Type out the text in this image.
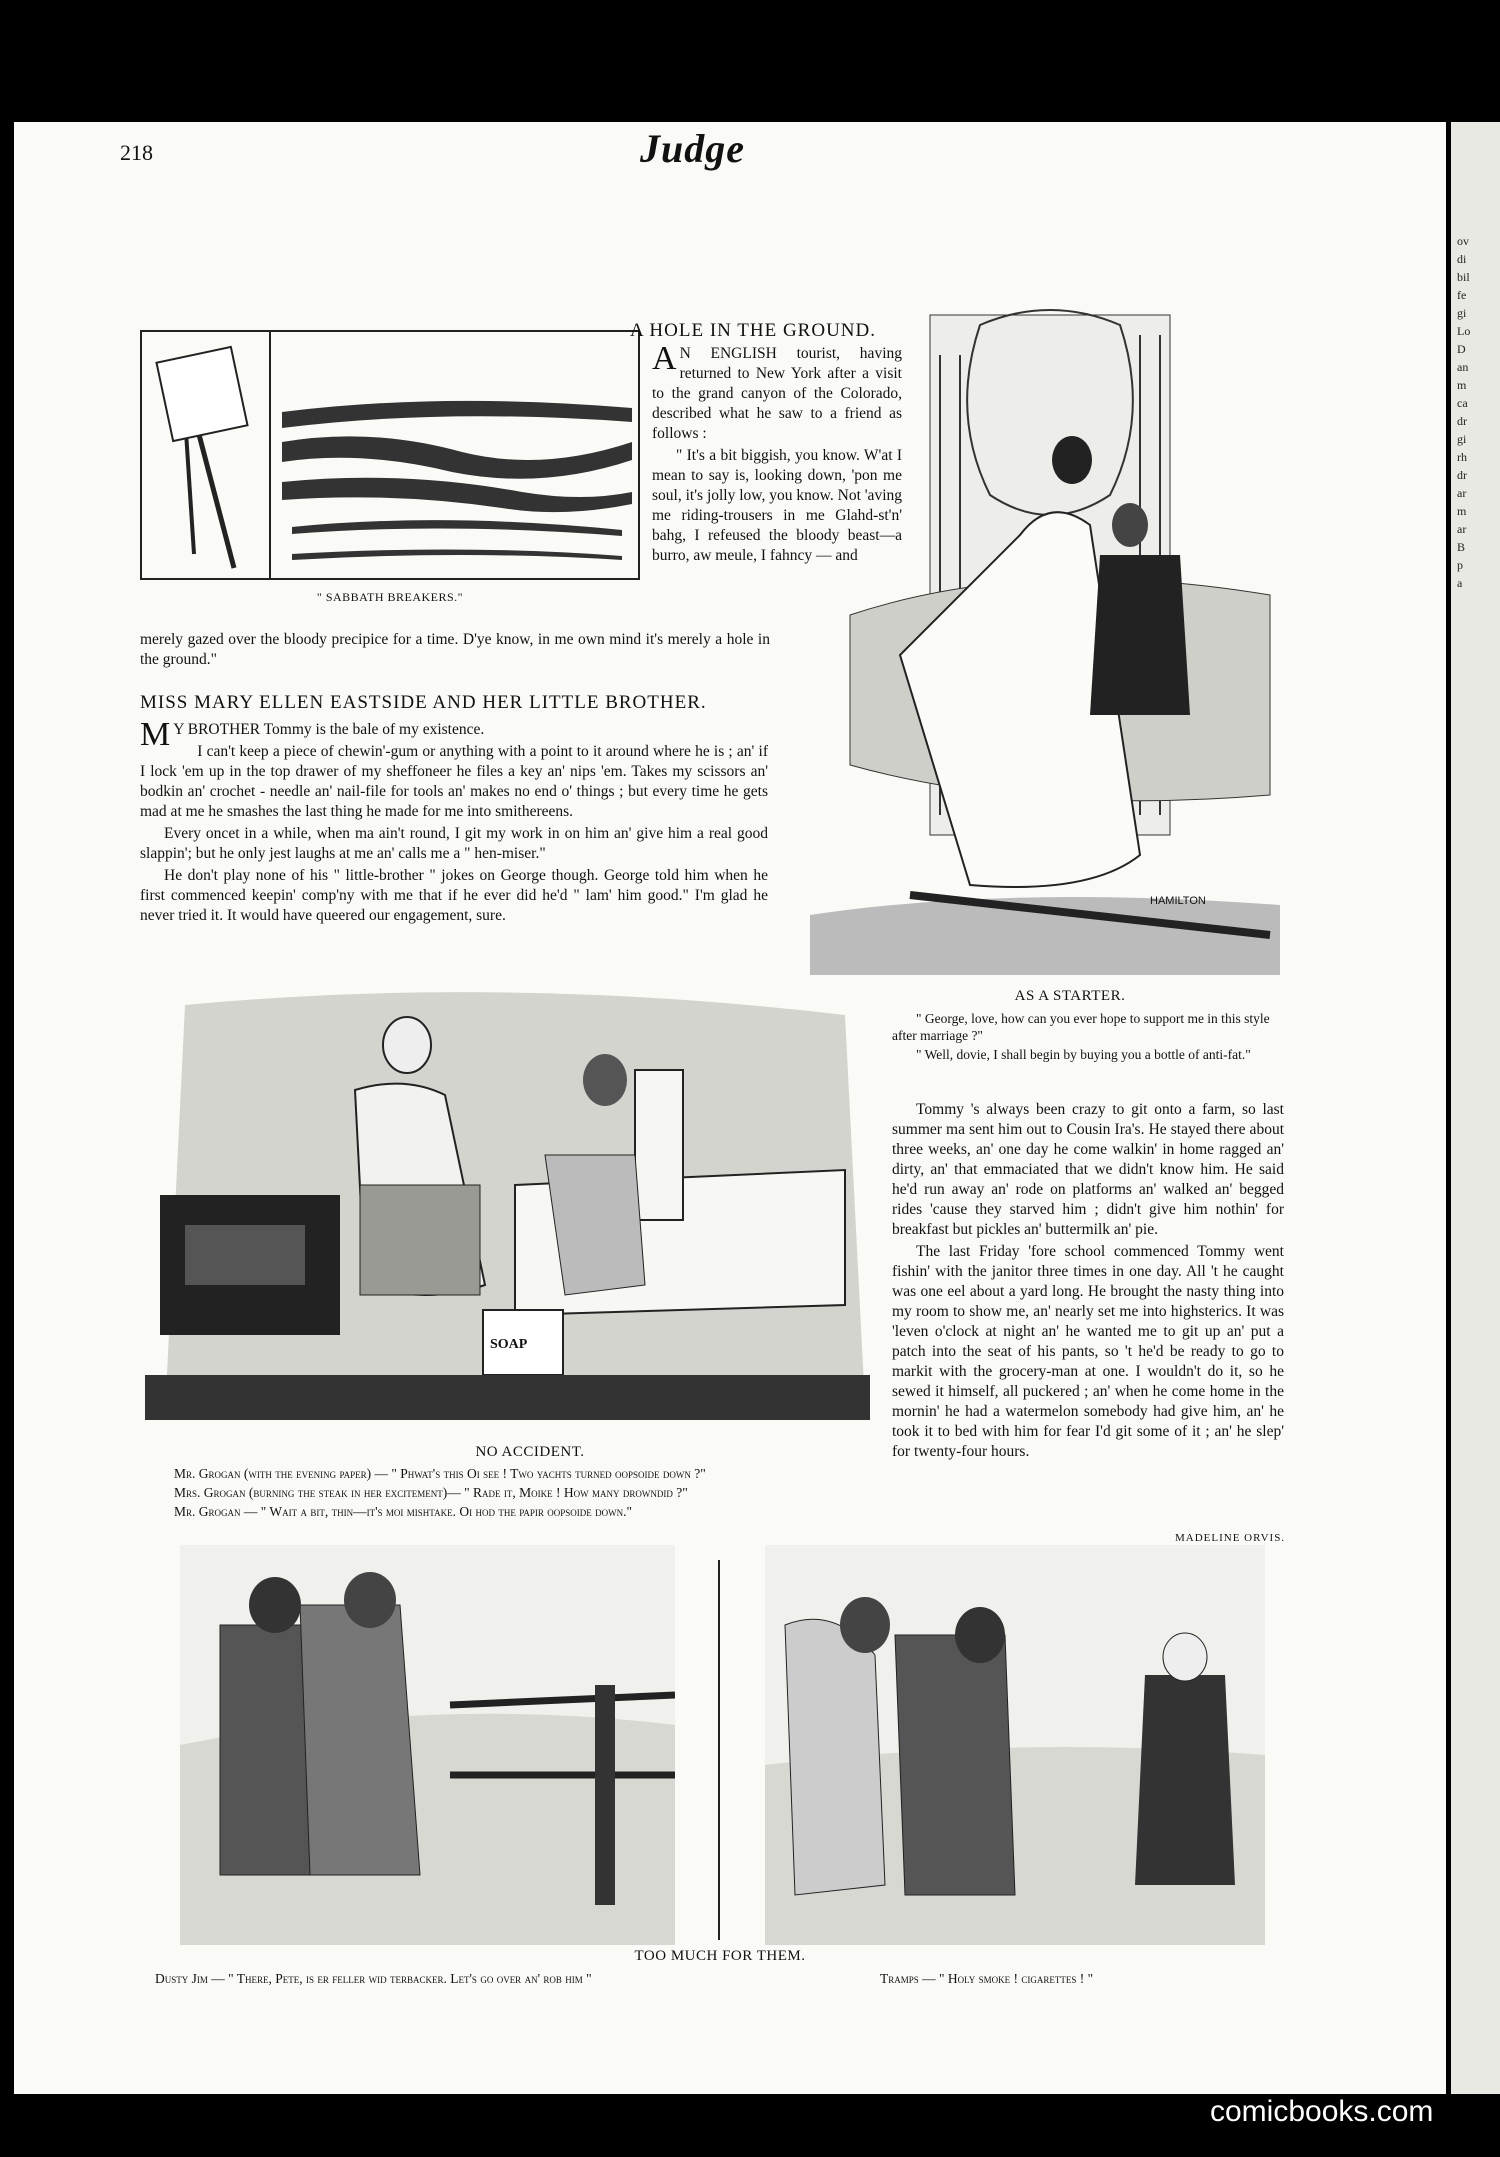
ov
di
bil
fe
gi
Lo
D
an
m
ca
dr
gi
rh
dr
ar
m
ar
B
p
a
218	Judge
" SABBATH BREAKERS."
A HOLE IN THE GROUND.
A N ENGLISH tourist, having returned to New York after a visit to the grand canyon of the Colorado, described what he saw to a friend as follows :

" It's a bit biggish, you know. W'at I mean to say is, looking down, 'pon me soul, it's jolly low, you know. Not 'aving me riding-trousers in me Glahd-st'n' bahg, I refeused the bloody beast—a burro, aw meule, I fahncy — and

merely gazed over the bloody precipice for a time. D'ye know, in me own mind it's merely a hole in the ground."
MISS MARY ELLEN EASTSIDE AND HER LITTLE BROTHER.
M Y BROTHER Tommy is the bale of my existence.

I can't keep a piece of chewin'-gum or anything with a point to it around where he is ; an' if I lock 'em up in the top drawer of my sheffoneer he files a key an' nips 'em. Takes my scissors an' bodkin an' crochet - needle an' nail-file for tools an' makes no end o' things ; but every time he gets mad at me he smashes the last thing he made for me into smithereens.

Every oncet in a while, when ma ain't round, I git my work in on him an' give him a real good slappin'; but he only jest laughs at me an' calls me a " hen-miser."

He don't play none of his " little-brother " jokes on George though. George told him when he first commenced keepin' comp'ny with me that if he ever did he'd " lam' him good." I'm glad he never tried it. It would have queered our engagement, sure.

HAMILTON
AS A STARTER.

" George, love, how can you ever hope to support me in this style after marriage ?"

" Well, dovie, I shall begin by buying you a bottle of anti-fat."

Tommy 's always been crazy to git onto a farm, so last summer ma sent him out to Cousin Ira's. He stayed there about three weeks, an' one day he come walkin' in home ragged an' dirty, an' that emmaciated that we didn't know him. He said he'd run away an' rode on platforms an' walked an' begged rides 'cause they starved him ; didn't give him nothin' for breakfast but pickles an' buttermilk an' pie.

The last Friday 'fore school commenced Tommy went fishin' with the janitor three times in one day. All 't he caught was one eel about a yard long. He brought the nasty thing into my room to show me, an' nearly set me into highsterics. It was 'leven o'clock at night an' he wanted me to git up an' put a patch into the seat of his pants, so 't he'd be ready to go to markit with the grocery-man at one. I wouldn't do it, so he sewed it himself, all puckered ; an' when he come home in the mornin' he had a watermelon somebody had give him, an' he took it to bed with him for fear I'd git some of it ; an' he slep' for twenty-four hours.

MADELINE ORVIS.
SOAP
NO ACCIDENT.

Mr. Grogan (with the evening paper) — " Phwat's this Oi see ! Two yachts turned oopsoide down ?"

Mrs. Grogan (burning the steak in her excitement)— " Rade it, Moike ! How many drowndid ?"

Mr. Grogan — " Wait a bit, thin—it's moi mishtake. Oi hod the papir oopsoide down."

TOO MUCH FOR THEM.
Dusty Jim — " There, Pete, is er feller wid terbacker. Let's go over an' rob him "	Tramps — " Holy smoke ! cigarettes ! "
comicbooks.com
